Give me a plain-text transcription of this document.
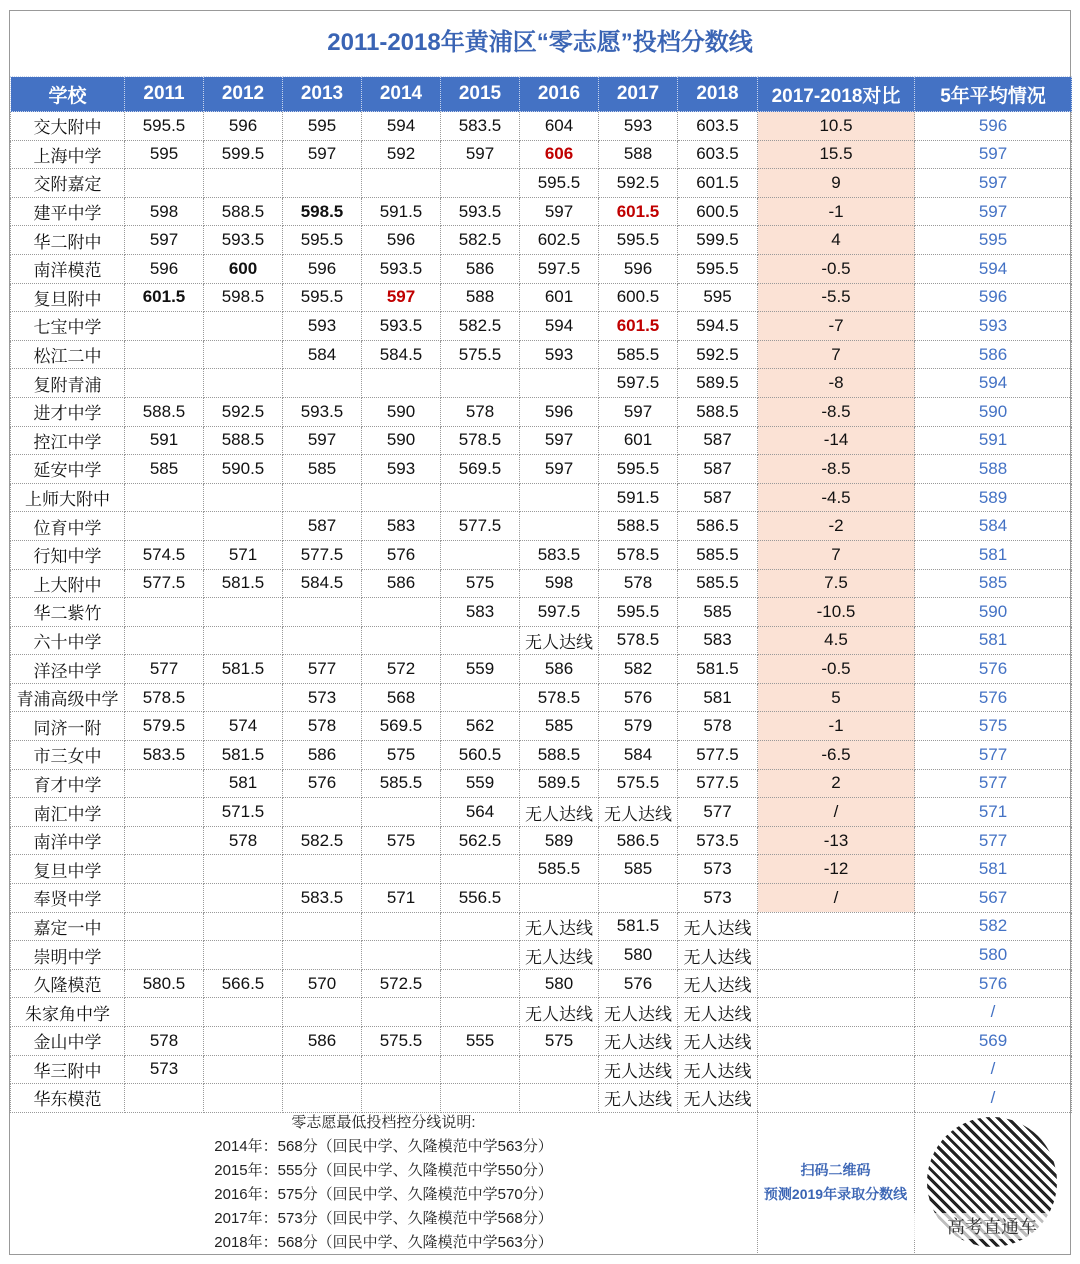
2011-2018年黄浦区“零志愿”投档分数线
学校	2011	2012	2013	2014	2015	2016	2017	2018	2017-2018对比	5年平均情况
交大附中	595.5	596	595	594	583.5	604	593	603.5	10.5	596
上海中学	595	599.5	597	592	597	606	588	603.5	15.5	597
交附嘉定						595.5	592.5	601.5	9	597
建平中学	598	588.5	598.5	591.5	593.5	597	601.5	600.5	-1	597
华二附中	597	593.5	595.5	596	582.5	602.5	595.5	599.5	4	595
南洋模范	596	600	596	593.5	586	597.5	596	595.5	-0.5	594
复旦附中	601.5	598.5	595.5	597	588	601	600.5	595	-5.5	596
七宝中学			593	593.5	582.5	594	601.5	594.5	-7	593
松江二中			584	584.5	575.5	593	585.5	592.5	7	586
复附青浦							597.5	589.5	-8	594
进才中学	588.5	592.5	593.5	590	578	596	597	588.5	-8.5	590
控江中学	591	588.5	597	590	578.5	597	601	587	-14	591
延安中学	585	590.5	585	593	569.5	597	595.5	587	-8.5	588
上师大附中							591.5	587	-4.5	589
位育中学			587	583	577.5		588.5	586.5	-2	584
行知中学	574.5	571	577.5	576		583.5	578.5	585.5	7	581
上大附中	577.5	581.5	584.5	586	575	598	578	585.5	7.5	585
华二紫竹					583	597.5	595.5	585	-10.5	590
六十中学						无人达线	578.5	583	4.5	581
洋泾中学	577	581.5	577	572	559	586	582	581.5	-0.5	576
青浦高级中学	578.5		573	568		578.5	576	581	5	576
同济一附	579.5	574	578	569.5	562	585	579	578	-1	575
市三女中	583.5	581.5	586	575	560.5	588.5	584	577.5	-6.5	577
育才中学		581	576	585.5	559	589.5	575.5	577.5	2	577
南汇中学		571.5			564	无人达线	无人达线	577	/	571
南洋中学		578	582.5	575	562.5	589	586.5	573.5	-13	577
复旦中学						585.5	585	573	-12	581
奉贤中学			583.5	571	556.5			573	/	567
嘉定一中						无人达线	581.5	无人达线		582
崇明中学						无人达线	580	无人达线		580
久隆模范	580.5	566.5	570	572.5		580	576	无人达线		576
朱家角中学						无人达线	无人达线	无人达线		/
金山中学	578		586	575.5	555	575	无人达线	无人达线		569
华三附中	573						无人达线	无人达线		/
华东模范							无人达线	无人达线		/
零志愿最低投档控分线说明:
2014年：568分（回民中学、久隆模范中学563分）
2015年：555分（回民中学、久隆模范中学550分）
2016年：575分（回民中学、久隆模范中学570分）
2017年：573分（回民中学、久隆模范中学568分）
2018年：568分（回民中学、久隆模范中学563分）
扫码二维码
预测2019年录取分数线
高考直通车
